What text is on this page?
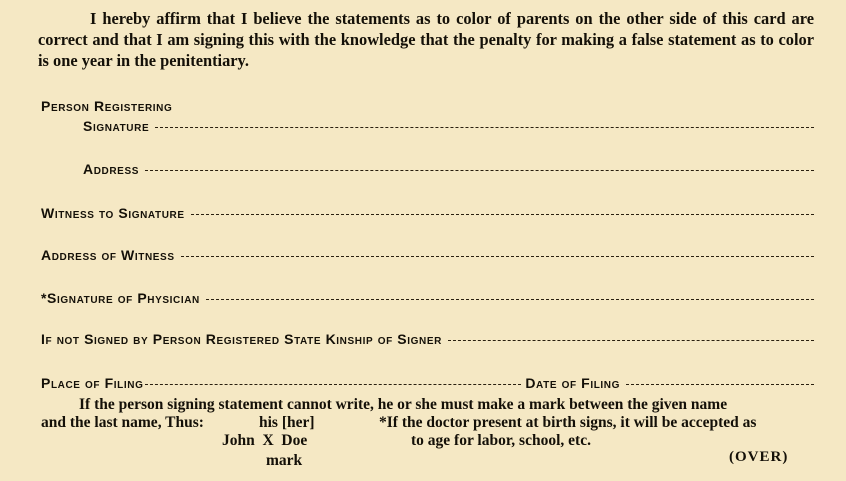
I hereby affirm that I believe the statements as to color of parents on the other side of this card are correct and that I am signing this with the knowledge that the penalty for making a false statement as to color is one year in the penitentiary.
Person Registering
Signature
Address
Witness to Signature
Address of Witness
*Signature of Physician
If not Signed by Person Registered State Kinship of Signer
Place of Filing	Date of Filing
If the person signing statement cannot write, he or she must make a mark between the given name
and the last name, Thus:	his [her]	*If the doctor present at birth signs, it will be accepted as
John  X  Doe	to age for labor, school, etc.
mark	(OVER)
